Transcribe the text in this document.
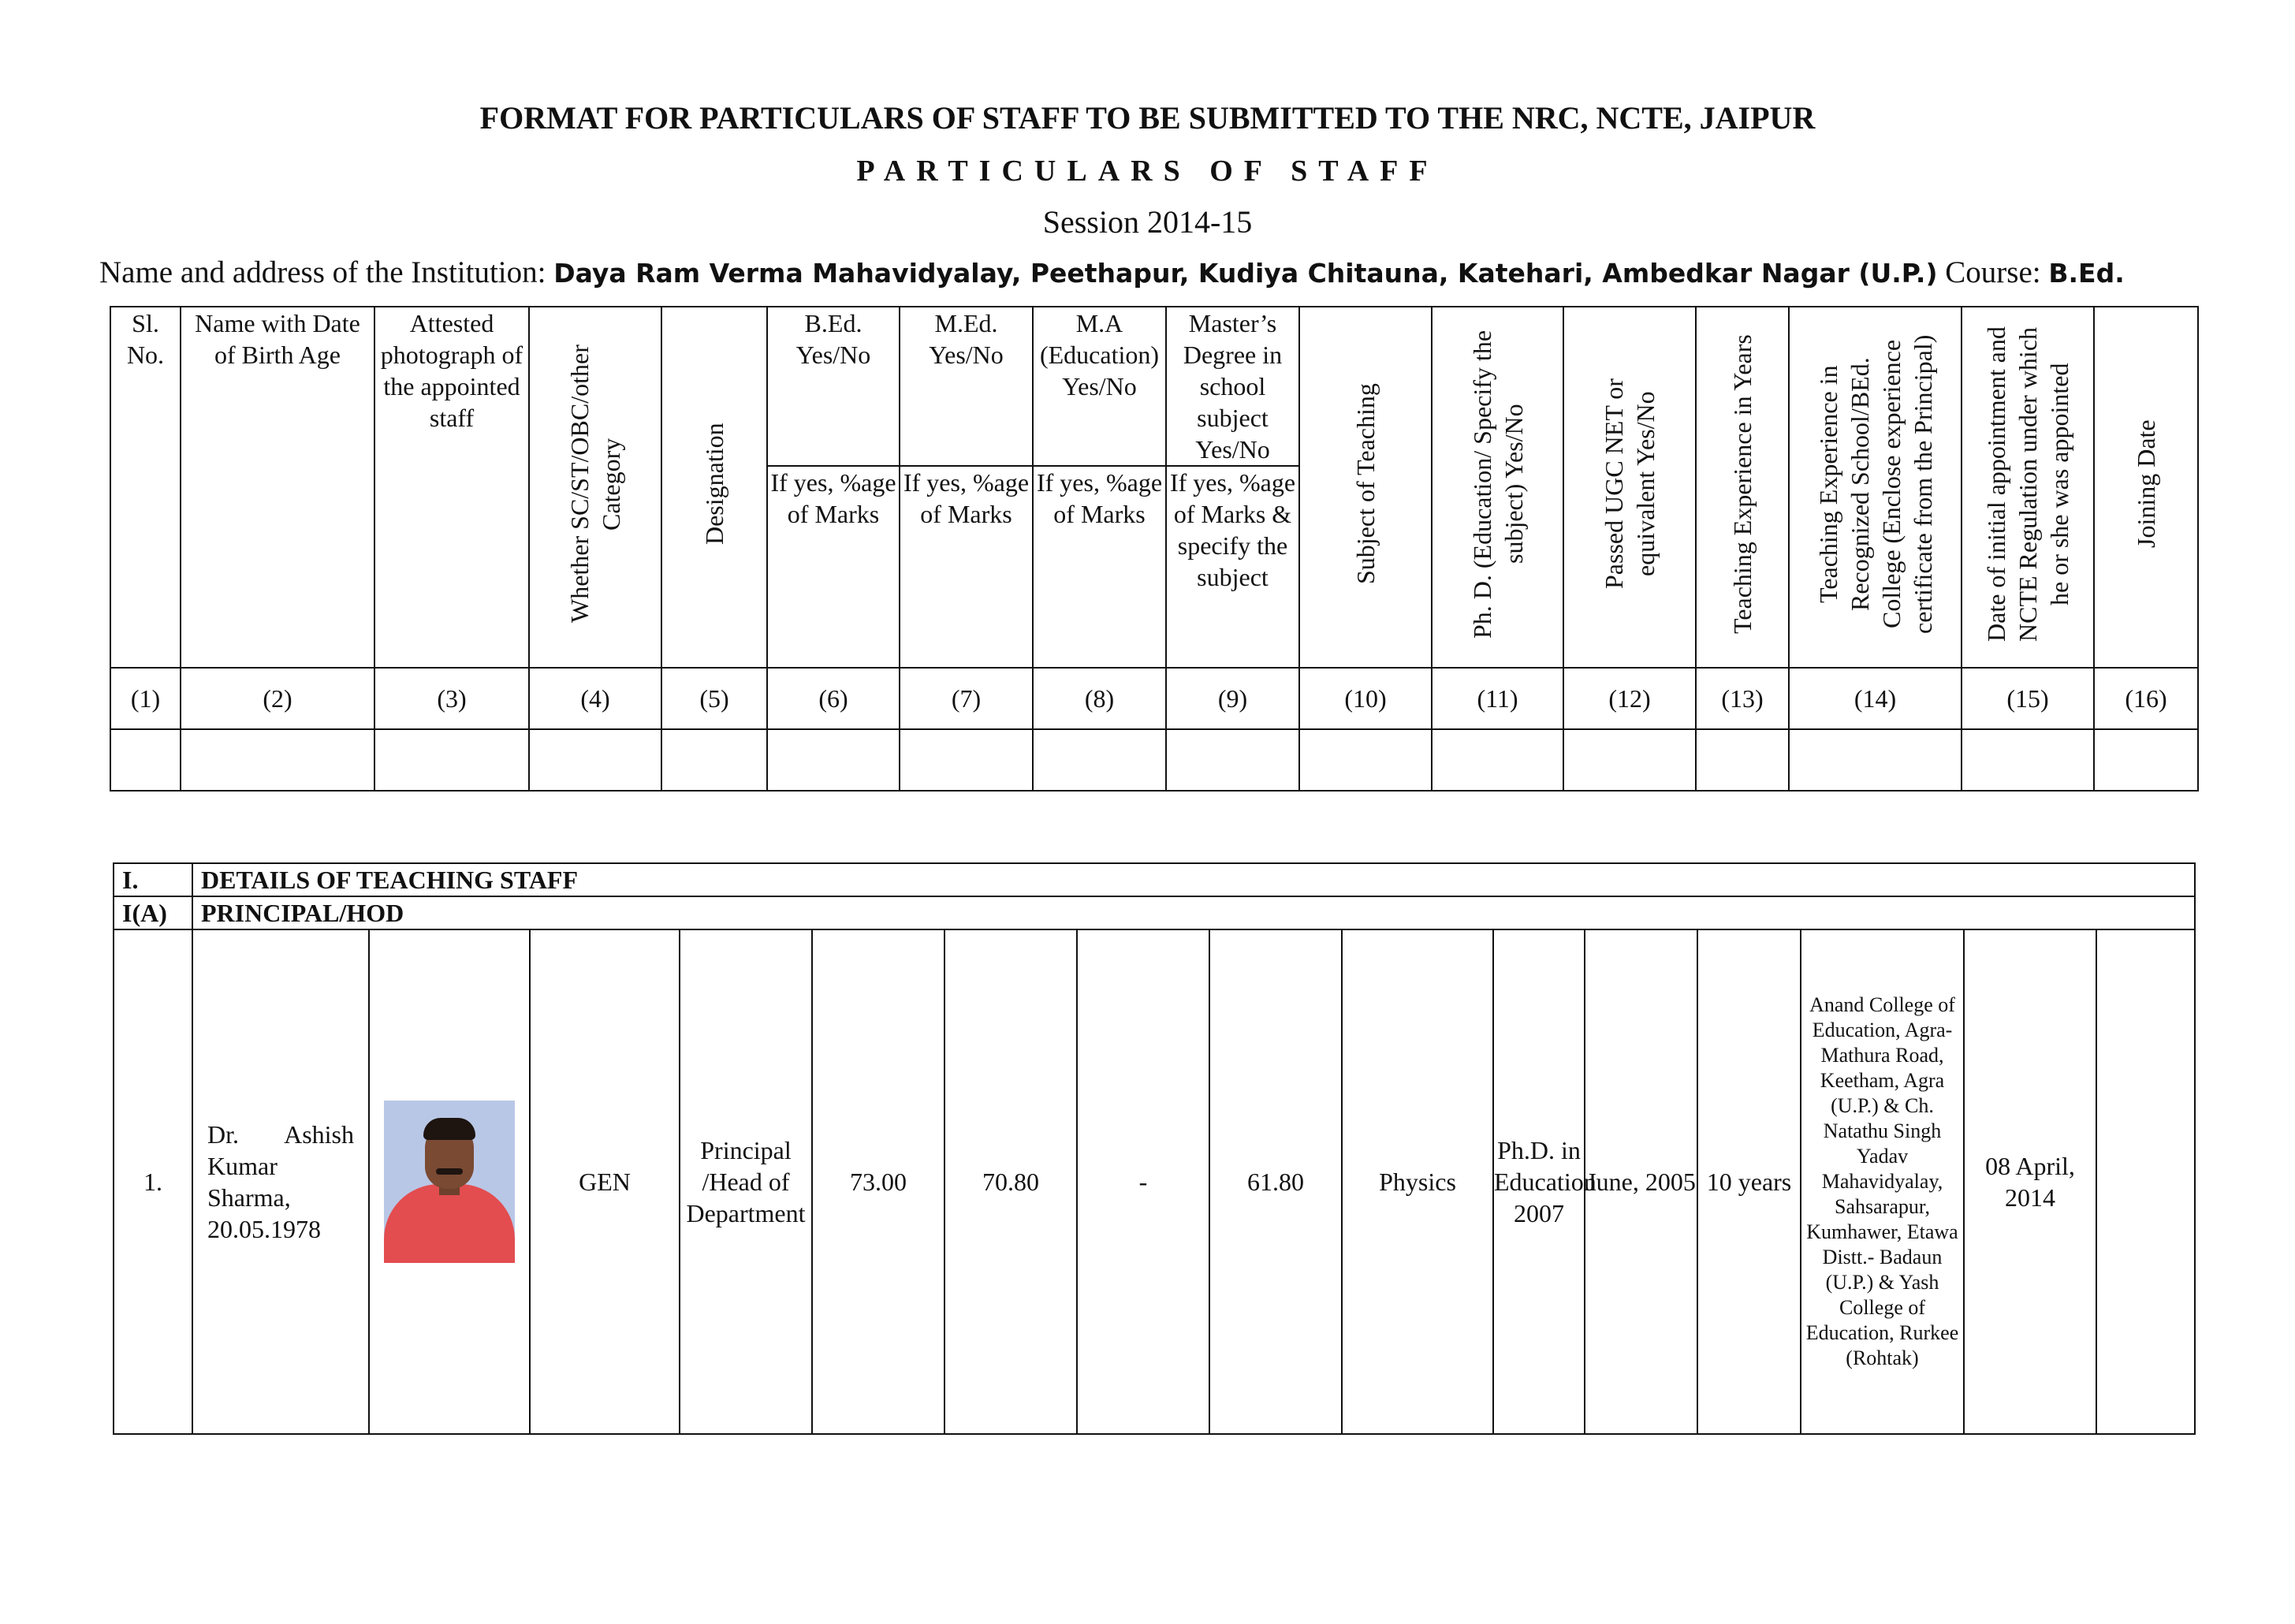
FORMAT FOR PARTICULARS OF STAFF TO BE SUBMITTED TO THE NRC, NCTE, JAIPUR
PARTICULARS OF STAFF
Session 2014-15
Name and address of the Institution: Daya Ram Verma Mahavidyalay, Peethapur, Kudiya Chitauna, Katehari, Ambedkar Nagar (U.P.) Course: B.Ed.
Sl. No.	Name with Date of Birth Age	Attested photograph of the appointed staff	Whether SC/ST/OBC/other Category	Designation	B.Ed. Yes/No	M.Ed. Yes/No	M.A (Education) Yes/No	Master’s Degree in school subject Yes/No	Subject of Teaching	Ph. D. (Education/ Specify the subject) Yes/No	Passed UGC NET or equivalent Yes/No	Teaching Experience in Years	Teaching Experience in Recognized School/BEd. College (Enclose experience certificate from the Principal)	Date of initial appointment and NCTE Regulation under which he or she was appointed	Joining Date
					If yes, %age of Marks	If yes, %age of Marks	If yes, %age of Marks	If yes, %age of Marks & specify the subject							
(1)	(2)	(3)	(4)	(5)	(6)	(7)	(8)	(9)	(10)	(11)	(12)	(13)	(14)	(15)	(16)

I.	DETAILS OF TEACHING STAFF														
I(A)	PRINCIPAL/HOD														
1.	Dr. Ashish Kumar Sharma, 20.05.1978		GEN	Principal /Head of Department	73.00	70.80	-	61.80	Physics	Ph.D. in Education 2007	June, 2005	10 years	Anand College of Education, Agra-Mathura Road, Keetham, Agra (U.P.) & Ch. Natathu Singh Yadav Mahavidyalay, Sahsarapur, Kumhawer, Etawa Distt.- Badaun (U.P.) & Yash College of Education, Rurkee (Rohtak)	08 April, 2014	
